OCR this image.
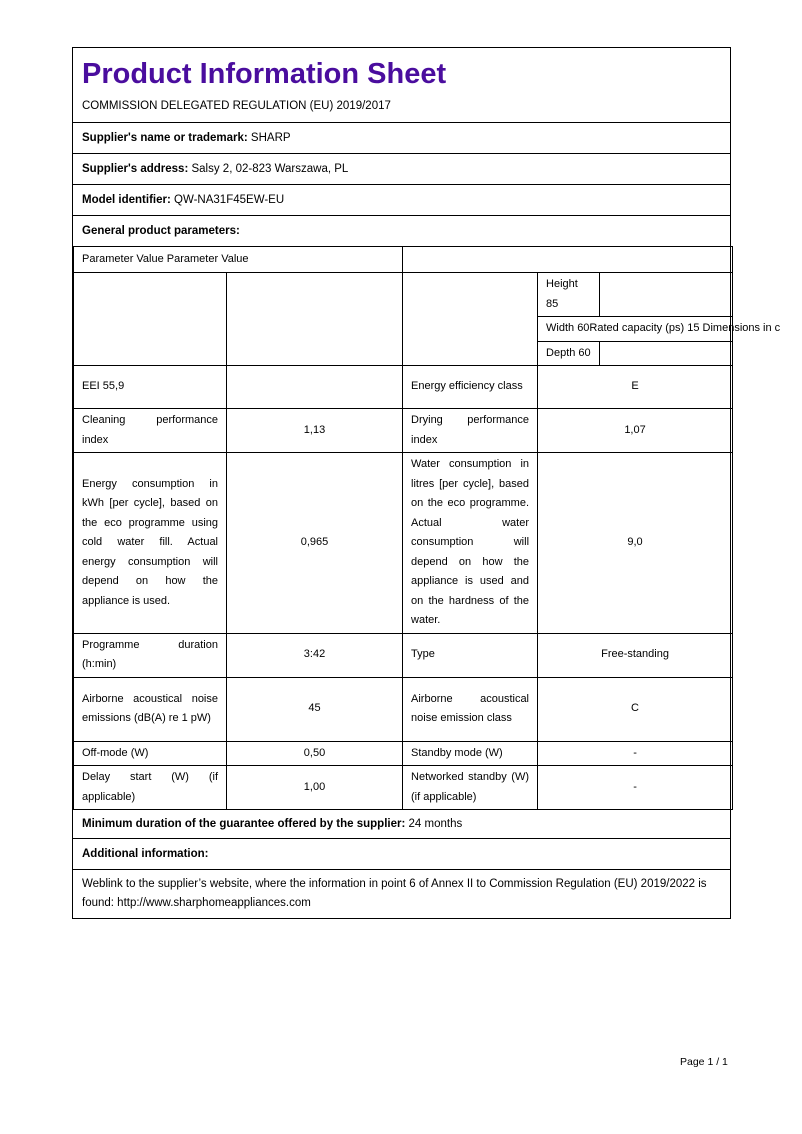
Product Information Sheet
COMMISSION DELEGATED REGULATION (EU) 2019/2017
Supplier's name or trademark: SHARP
Supplier's address: Salsy 2, 02-823 Warszawa, PL
Model identifier: QW-NA31F45EW-EU
General product parameters:
Parameter Value Parameter Value				
			Height 85	
			Width 60Rated capacity (ps) 15 Dimensions in c	
			Depth 60	
EEI 55,9		Energy efficiency class	E	
Cleaning performance index	1,13	Drying performance index	1,07	
Energy consumption in kWh [per cycle], based on the eco programme using cold water fill. Actual energy consumption will depend on how the appliance is used.	0,965	Water consumption in litres [per cycle], based on the eco programme. Actual water consumption will depend on how the appliance is used and on the hardness of the water.	9,0	
Programme duration (h:min)	3:42	Type	Free-standing	
Airborne acoustical noise emissions (dB(A) re 1 pW)	45	Airborne acoustical noise emission class	C	
Off-mode (W)	0,50	Standby mode (W)	-	
Delay start (W) (if applicable)	1,00	Networked standby (W) (if applicable)	-	
Minimum duration of the guarantee offered by the supplier: 24 months
Additional information:
Weblink to the supplier’s website, where the information in point 6 of Annex II to Commission Regulation (EU) 2019/2022 is found: http://www.sharphomeappliances.com
Page 1 / 1
